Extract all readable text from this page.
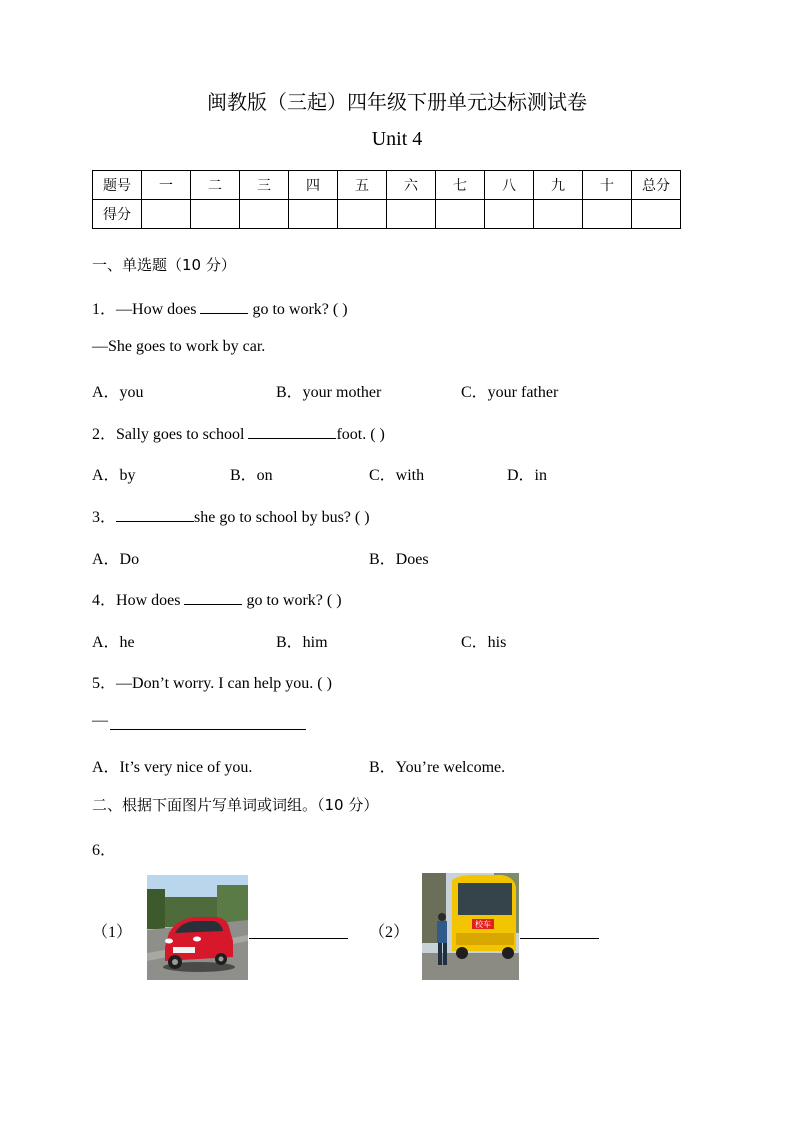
闽教版（三起）四年级下册单元达标测试卷
Unit 4
题号	一	二	三	四	五	六	七	八	九	十	总分
得分											
一、单选题（10 分）
1．—How does	go to work? ( )
—She goes to work by car.
A．you	B．your mother	C．your father
2．Sally goes to school	foot. ( )
A．by	B．on	C．with	D．in
3．	she go to school by bus? ( )
A．Do	B．Does
4．How does	go to work? ( )
A．he	B．him	C．his
5．—Don’t worry. I can help you. ( )
—
A．It’s very nice of you.	B．You’re welcome.
二、根据下面图片写单词或词组。（10 分）
6．
（1）	（2）	校车
